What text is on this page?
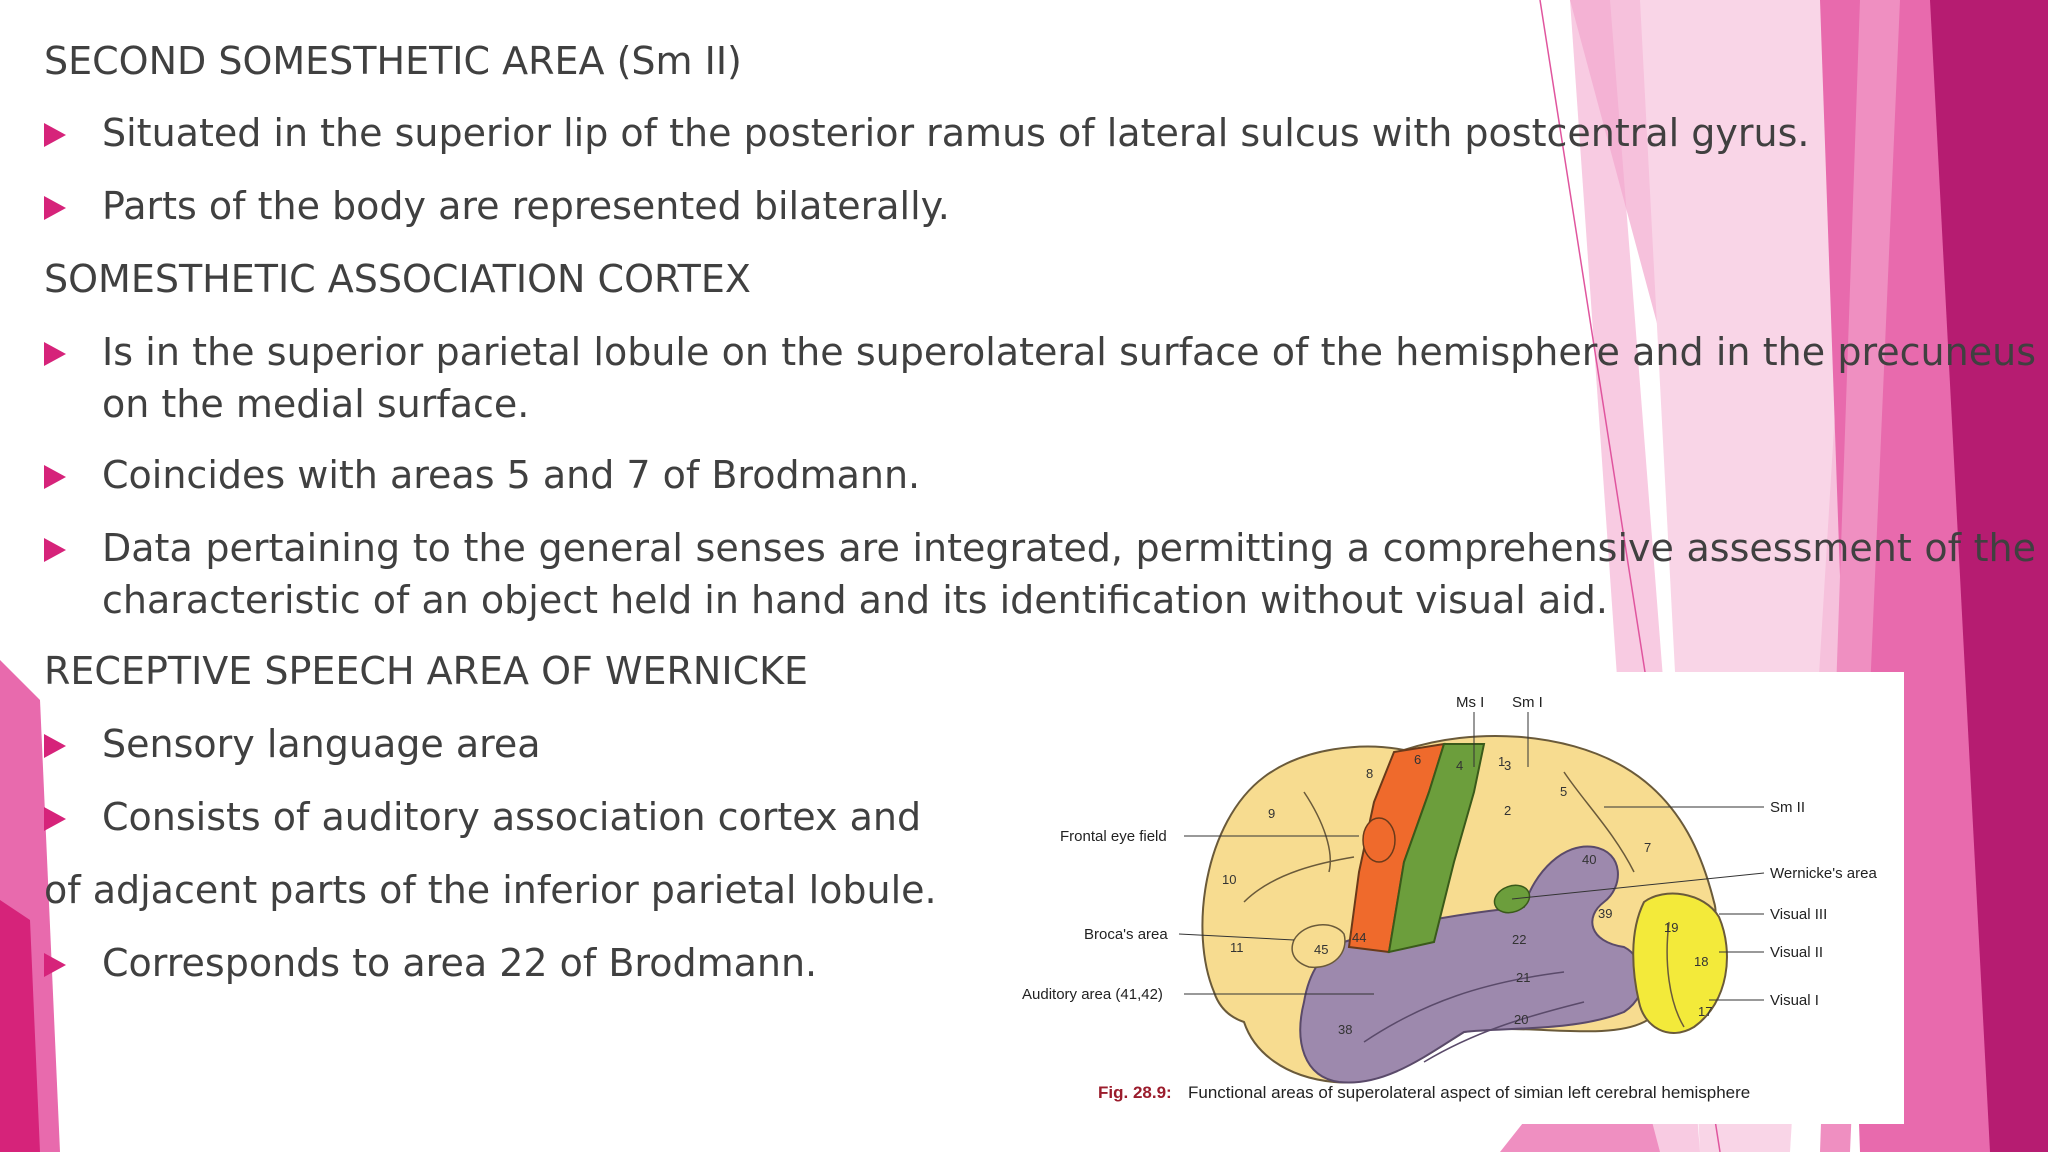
SECOND SOMESTHETIC AREA (Sm II)
Situated in the superior lip of the posterior ramus of lateral sulcus with postcentral gyrus.
Parts of the body are represented bilaterally.
SOMESTHETIC ASSOCIATION CORTEX
Is in the superior parietal lobule on the superolateral surface of the hemisphere and in the precuneus on the medial surface.
Coincides with areas 5 and 7 of Brodmann.
Data pertaining to the general senses are integrated, permitting a comprehensive assessment of the characteristic of an object held in hand and its identification without visual aid.
RECEPTIVE SPEECH AREA OF WERNICKE
Sensory language area
Consists of auditory association cortex and
of adjacent parts of the inferior parietal lobule.
Corresponds to area 22 of Brodmann.
Ms I Sm I
Frontal eye field
Broca's area
Auditory area (41,42)
Sm II
Wernicke's area
Visual III
Visual II
Visual I
1
2
3
4
5
6
7
8
9
10
11
17
18
19
20
21
22
38
39
40
44
45
Fig. 28.9: Functional areas of superolateral aspect of simian left cerebral hemisphere
